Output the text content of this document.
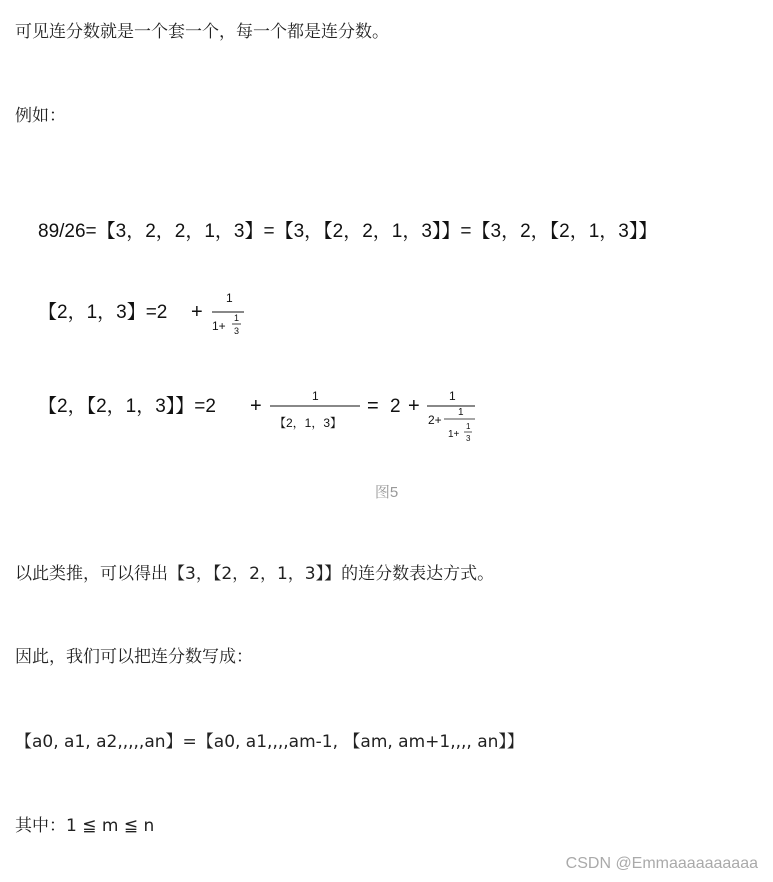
可见连分数就是一个套一个，每一个都是连分数。
例如：
89/26=【3，2，2，1，3】=【3，【2，2，1，3】】=【3，2，【2，1，3】】
【2，1，3】=2 +
1
1+
1
3
【2，【2，1，3】】=2 +	1
【2，1，3】
= 2 + 1
2+
1
1+
1
3
图5
以此类推，可以得出【3，【2，2，1，3】】的连分数表达方式。
因此，我们可以把连分数写成：
【a0, a1, a2,,,,,an】=【a0, a1,,,,am-1, 【am, am+1,,,, an】】
其中：1 ≦ m ≦ n
CSDN @Emmaaaaaaaaaa
